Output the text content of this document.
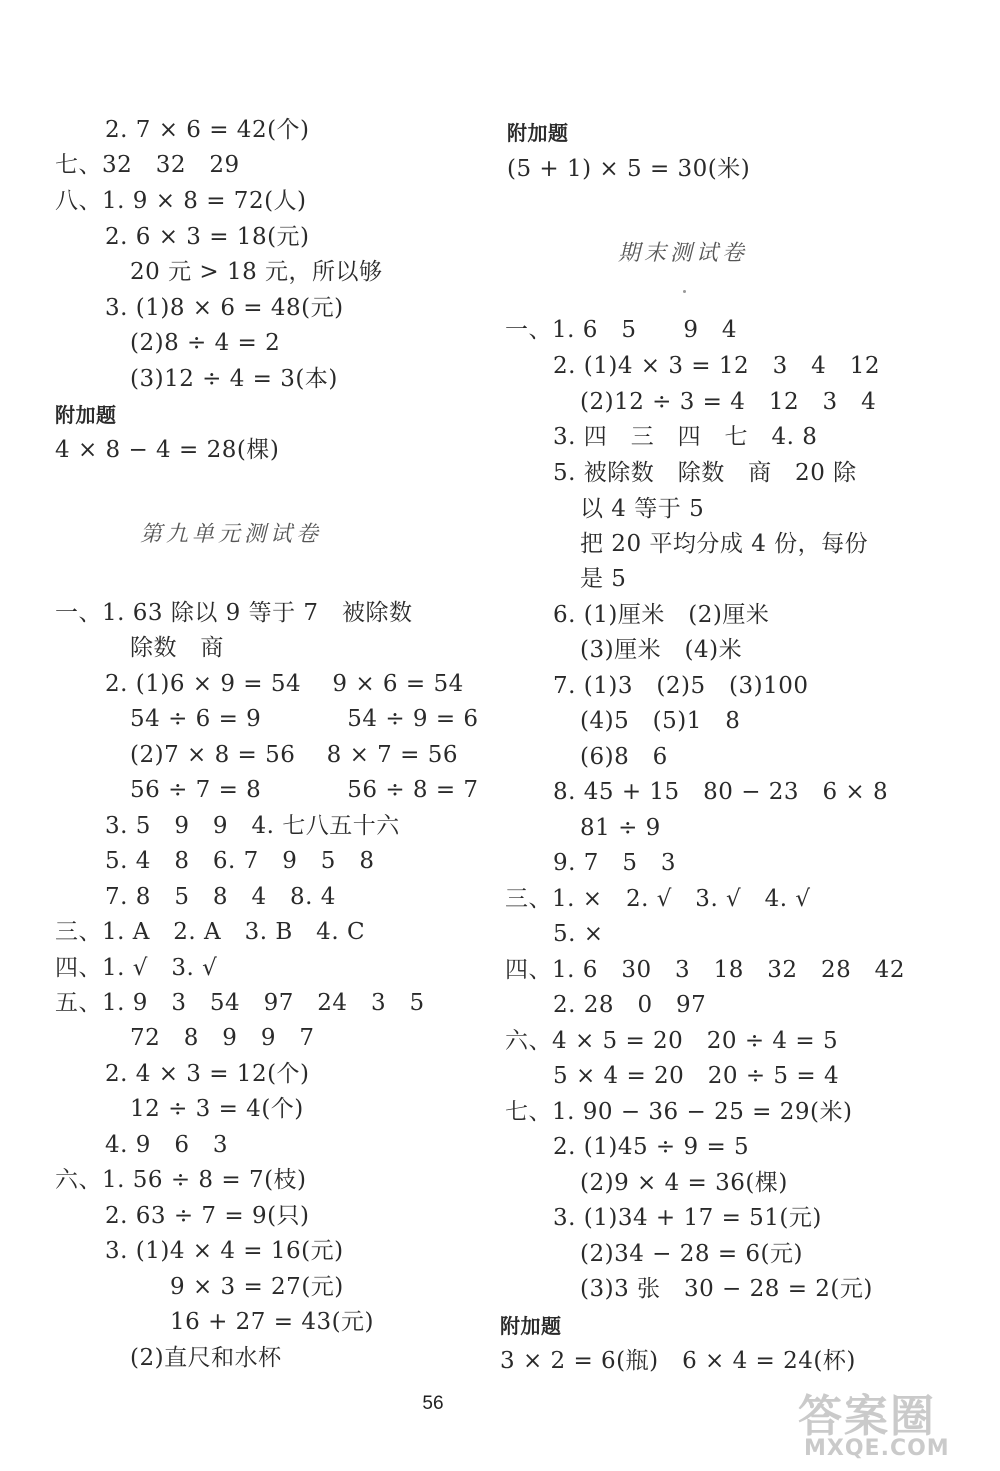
2. 7 × 6 = 42(个)
七、32   32   29
八、1. 9 × 8 = 72(人)
2. 6 × 3 = 18(元)
20 元 > 18 元，所以够
3. (1)8 × 6 = 48(元)
(2)8 ÷ 4 = 2
(3)12 ÷ 4 = 3(本)
附加题
4 × 8 − 4 = 28(棵)
第九单元测试卷
一、1. 63 除以 9 等于 7   被除数
除数   商
2. (1)6 × 9 = 54    9 × 6 = 54
54 ÷ 6 = 9           54 ÷ 9 = 6
(2)7 × 8 = 56    8 × 7 = 56
56 ÷ 7 = 8           56 ÷ 8 = 7
3. 5   9   9   4. 七八五十六
5. 4   8   6. 7   9   5   8
7. 8   5   8   4   8. 4
三、1. A   2. A   3. B   4. C
四、1. √   3. √
五、1. 9   3   54   97   24   3   5
72   8   9   9   7
2. 4 × 3 = 12(个)
12 ÷ 3 = 4(个)
4. 9   6   3
六、1. 56 ÷ 8 = 7(枝)
2. 63 ÷ 7 = 9(只)
3. (1)4 × 4 = 16(元)
9 × 3 = 27(元)
16 + 27 = 43(元)
(2)直尺和水杯
附加题
(5 + 1) × 5 = 30(米)
期末测试卷
一、1. 6   5      9   4
2. (1)4 × 3 = 12   3   4   12
(2)12 ÷ 3 = 4   12   3   4
3. 四   三   四   七   4. 8
5. 被除数   除数   商   20 除
以 4 等于 5
把 20 平均分成 4 份，每份
是 5
6. (1)厘米   (2)厘米
(3)厘米   (4)米
7. (1)3   (2)5   (3)100
(4)5   (5)1   8
(6)8   6
8. 45 + 15   80 − 23   6 × 8
81 ÷ 9
9. 7   5   3
三、1. ×   2. √   3. √   4. √
5. ×
四、1. 6   30   3   18   32   28   42
2. 28   0   97
六、4 × 5 = 20   20 ÷ 4 = 5
5 × 4 = 20   20 ÷ 5 = 4
七、1. 90 − 36 − 25 = 29(米)
2. (1)45 ÷ 9 = 5
(2)9 × 4 = 36(棵)
3. (1)34 + 17 = 51(元)
(2)34 − 28 = 6(元)
(3)3 张   30 − 28 = 2(元)
附加题
3 × 2 = 6(瓶)   6 × 4 = 24(杯)
56	答案圈
MXQE.COM
